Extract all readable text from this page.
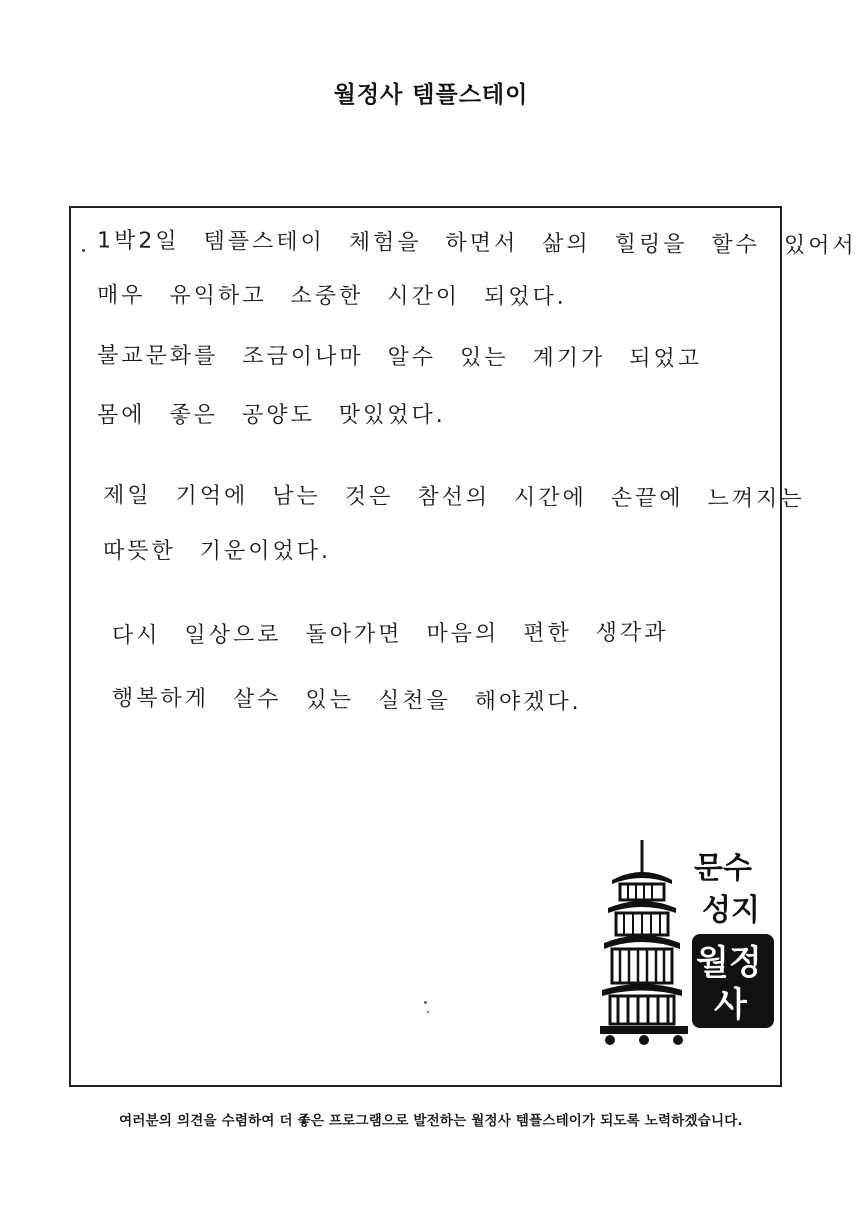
월정사 템플스테이
1박2일 템플스테이 체험을 하면서 삶의 힐링을 할수 있어서
매우 유익하고 소중한 시간이 되었다.
불교문화를 조금이나마 알수 있는 계기가 되었고
몸에 좋은 공양도 맛있었다.
제일 기억에 남는 것은 참선의 시간에 손끝에 느껴지는
따뜻한 기운이었다.
다시 일상으로 돌아가면 마음의 편한 생각과
행복하게 살수 있는 실천을 해야겠다.
문수
성지
월정
사
여러분의 의견을 수렴하여 더 좋은 프로그램으로 발전하는 월정사 템플스테이가 되도록 노력하겠습니다.
